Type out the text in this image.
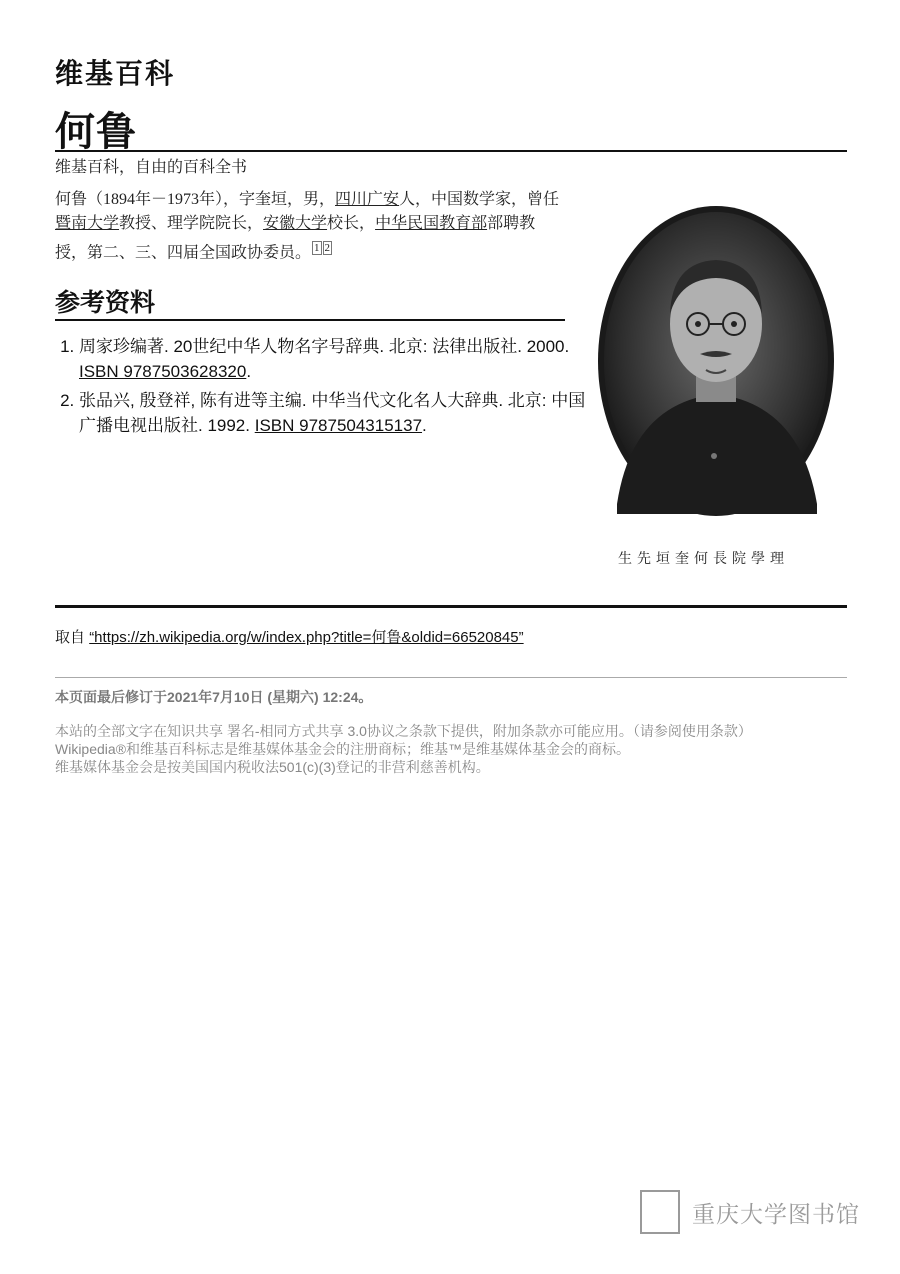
维基百科
何鲁
维基百科，自由的百科全书
何鲁（1894年－1973年），字奎垣，男，四川广安人，中国数学家，曾任暨南大学教授、理学院院长，安徽大学校长，中华民国教育部部聘教授，第二、三、四届全国政协委员。 $^1$ $^2$
参考资料
1. 周家珍编著. 20世纪中华人物名字号辞典. 北京: 法律出版社. 2000. ISBN 9787503628320.
2. 张品兴, 殷登祥, 陈有进等主编. 中华当代文化名人大辞典. 北京: 中国广播电视出版社. 1992. ISBN 9787504315137.
生先垣奎何長院學理
取自 “https://zh.wikipedia.org/w/index.php?title=何鲁&oldid=66520845”
本页面最后修订于2021年7月10日 (星期六) 12:24。
本站的全部文字在知识共享 署名-相同方式共享 3.0协议之条款下提供，附加条款亦可能应用。（请参阅使用条款）
Wikipedia®和维基百科标志是维基媒体基金会的注册商标；维基™是维基媒体基金会的商标。
维基媒体基金会是按美国国内税收法501(c)(3)登记的非营利慈善机构。
重庆大学图书馆
